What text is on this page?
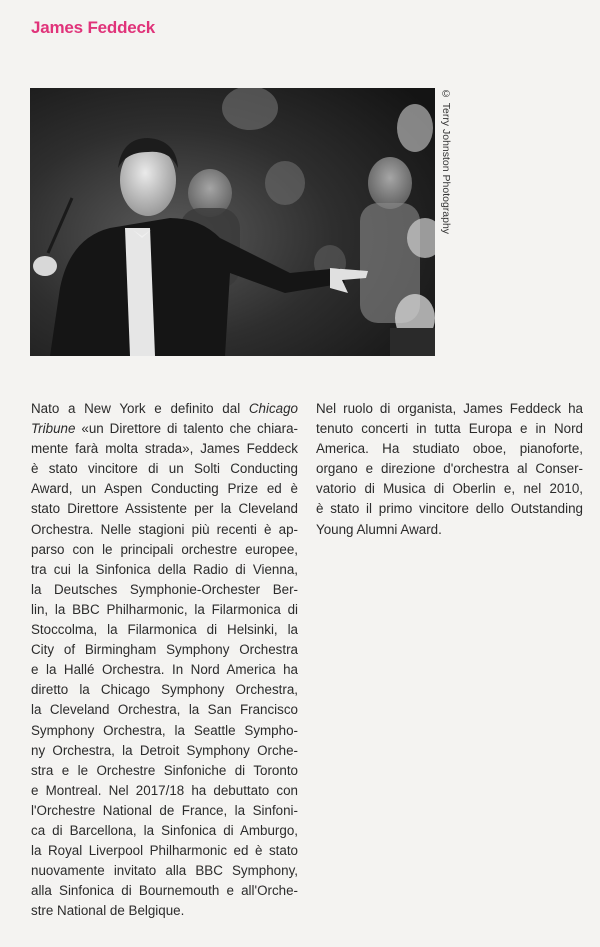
James Feddeck
© Terry Johnston Photography
Nato a New York e definito dal Chicago
Tribune «un Direttore di talento che chiara-
mente farà molta strada», James Feddeck
è stato vincitore di un Solti Conducting
Award, un Aspen Conducting Prize ed è
stato Direttore Assistente per la Cleveland
Orchestra. Nelle stagioni più recenti è ap-
parso con le principali orchestre europee,
tra cui la Sinfonica della Radio di Vienna,
la Deutsches Symphonie-Orchester Ber-
lin, la BBC Philharmonic, la Filarmonica di
Stoccolma, la Filarmonica di Helsinki, la
City of Birmingham Symphony Orchestra
e la Hallé Orchestra. In Nord America ha
diretto la Chicago Symphony Orchestra,
la Cleveland Orchestra, la San Francisco
Symphony Orchestra, la Seattle Sympho-
ny Orchestra, la Detroit Symphony Orche-
stra e le Orchestre Sinfoniche di Toronto
e Montreal. Nel 2017/18 ha debuttato con
l'Orchestre National de France, la Sinfoni-
ca di Barcellona, la Sinfonica di Amburgo,
la Royal Liverpool Philharmonic ed è stato
nuovamente invitato alla BBC Symphony,
alla Sinfonica di Bournemouth e all'Orche-
stre National de Belgique.
Nel ruolo di organista, James Feddeck ha
tenuto concerti in tutta Europa e in Nord
America. Ha studiato oboe, pianoforte,
organo e direzione d'orchestra al Conser-
vatorio di Musica di Oberlin e, nel 2010,
è stato il primo vincitore dello Outstanding
Young Alumni Award.
